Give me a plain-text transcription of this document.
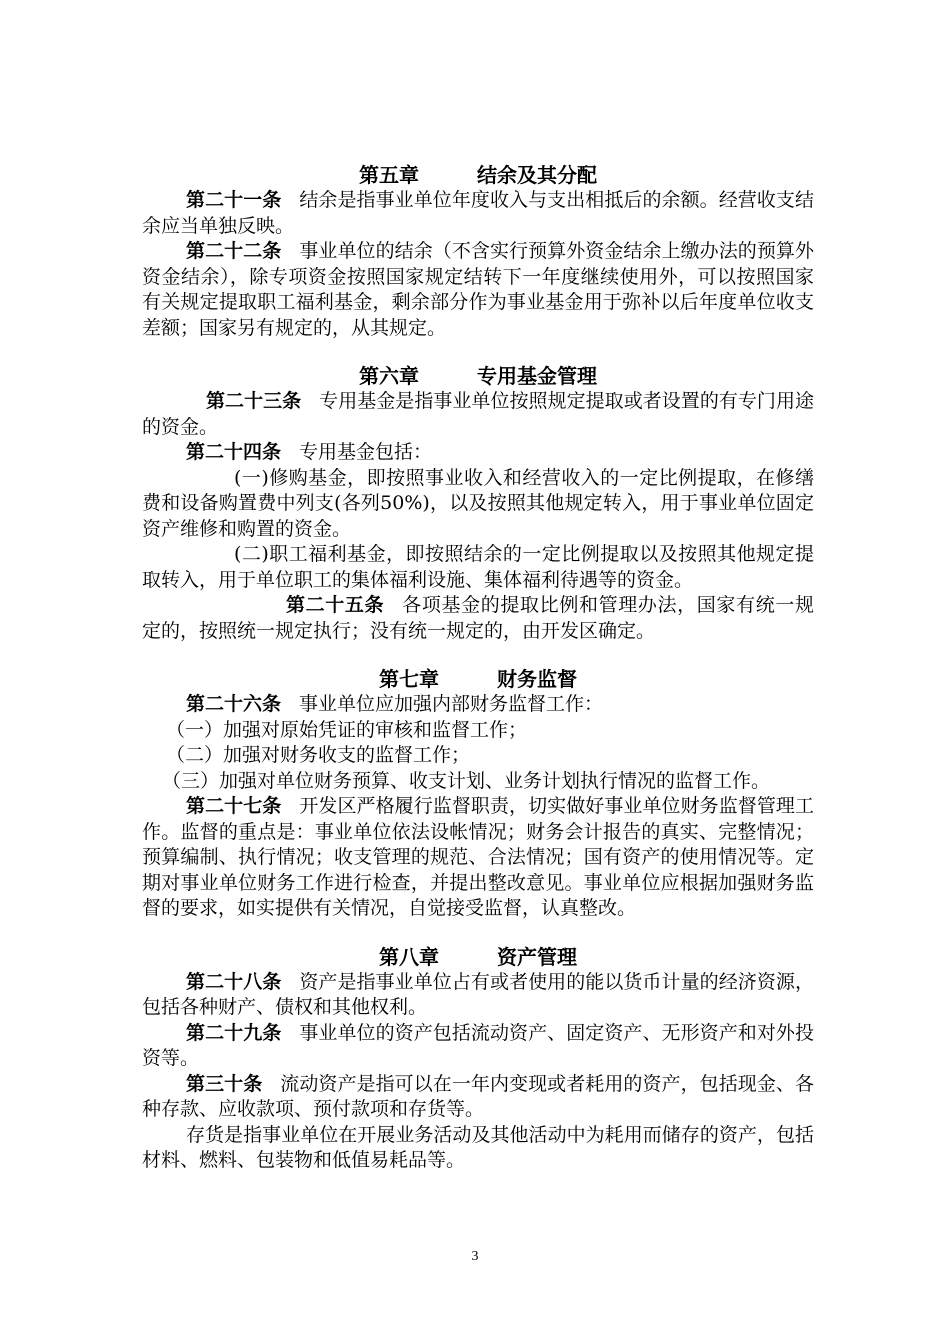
第五章	结余及其分配

第二十一条 结余是指事业单位年度收入与支出相抵后的余额。经营收支结余应当单独反映。

第二十二条 事业单位的结余（不含实行预算外资金结余上缴办法的预算外资金结余），除专项资金按照国家规定结转下一年度继续使用外，可以按照国家有关规定提取职工福利基金，剩余部分作为事业基金用于弥补以后年度单位收支差额；国家另有规定的，从其规定。

第六章	专用基金管理

第二十三条 专用基金是指事业单位按照规定提取或者设置的有专门用途的资金。

第二十四条 专用基金包括：

(一)修购基金，即按照事业收入和经营收入的一定比例提取，在修缮费和设备购置费中列支(各列50%)，以及按照其他规定转入，用于事业单位固定资产维修和购置的资金。

(二)职工福利基金，即按照结余的一定比例提取以及按照其他规定提取转入，用于单位职工的集体福利设施、集体福利待遇等的资金。

第二十五条 各项基金的提取比例和管理办法，国家有统一规定的，按照统一规定执行；没有统一规定的，由开发区确定。

第七章	财务监督

第二十六条 事业单位应加强内部财务监督工作：

（一）加强对原始凭证的审核和监督工作；

（二）加强对财务收支的监督工作；

（三）加强对单位财务预算、收支计划、业务计划执行情况的监督工作。

第二十七条 开发区严格履行监督职责，切实做好事业单位财务监督管理工作。监督的重点是：事业单位依法设帐情况；财务会计报告的真实、完整情况；预算编制、执行情况；收支管理的规范、合法情况；国有资产的使用情况等。定期对事业单位财务工作进行检查，并提出整改意见。事业单位应根据加强财务监督的要求，如实提供有关情况，自觉接受监督，认真整改。

第八章	资产管理

第二十八条 资产是指事业单位占有或者使用的能以货币计量的经济资源，包括各种财产、债权和其他权利。

第二十九条 事业单位的资产包括流动资产、固定资产、无形资产和对外投资等。

第三十条 流动资产是指可以在一年内变现或者耗用的资产，包括现金、各种存款、应收款项、预付款项和存货等。

存货是指事业单位在开展业务活动及其他活动中为耗用而储存的资产，包括材料、燃料、包装物和低值易耗品等。

3
